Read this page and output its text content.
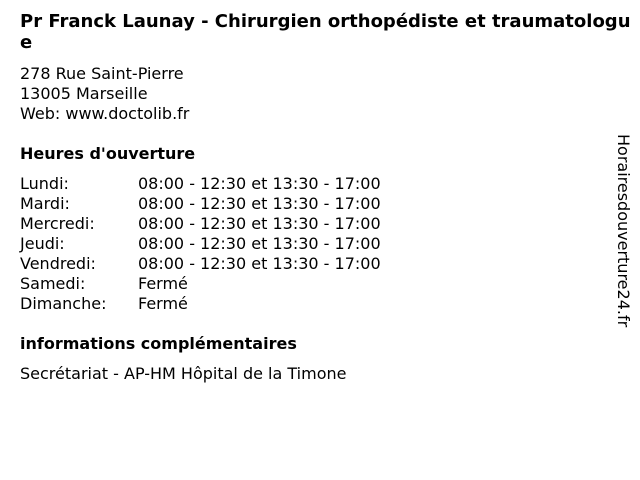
Pr Franck Launay - Chirurgien orthopédiste et traumatologue
278 Rue Saint-Pierre
13005 Marseille
Web: www.doctolib.fr
Heures d'ouverture
Lundi:	08:00 - 12:30 et 13:30 - 17:00
Mardi:	08:00 - 12:30 et 13:30 - 17:00
Mercredi:	08:00 - 12:30 et 13:30 - 17:00
Jeudi:	08:00 - 12:30 et 13:30 - 17:00
Vendredi:	08:00 - 12:30 et 13:30 - 17:00
Samedi:	Fermé
Dimanche: Fermé
informations complémentaires
Secrétariat - AP-HM Hôpital de la Timone
Horairesdouverture24.fr
